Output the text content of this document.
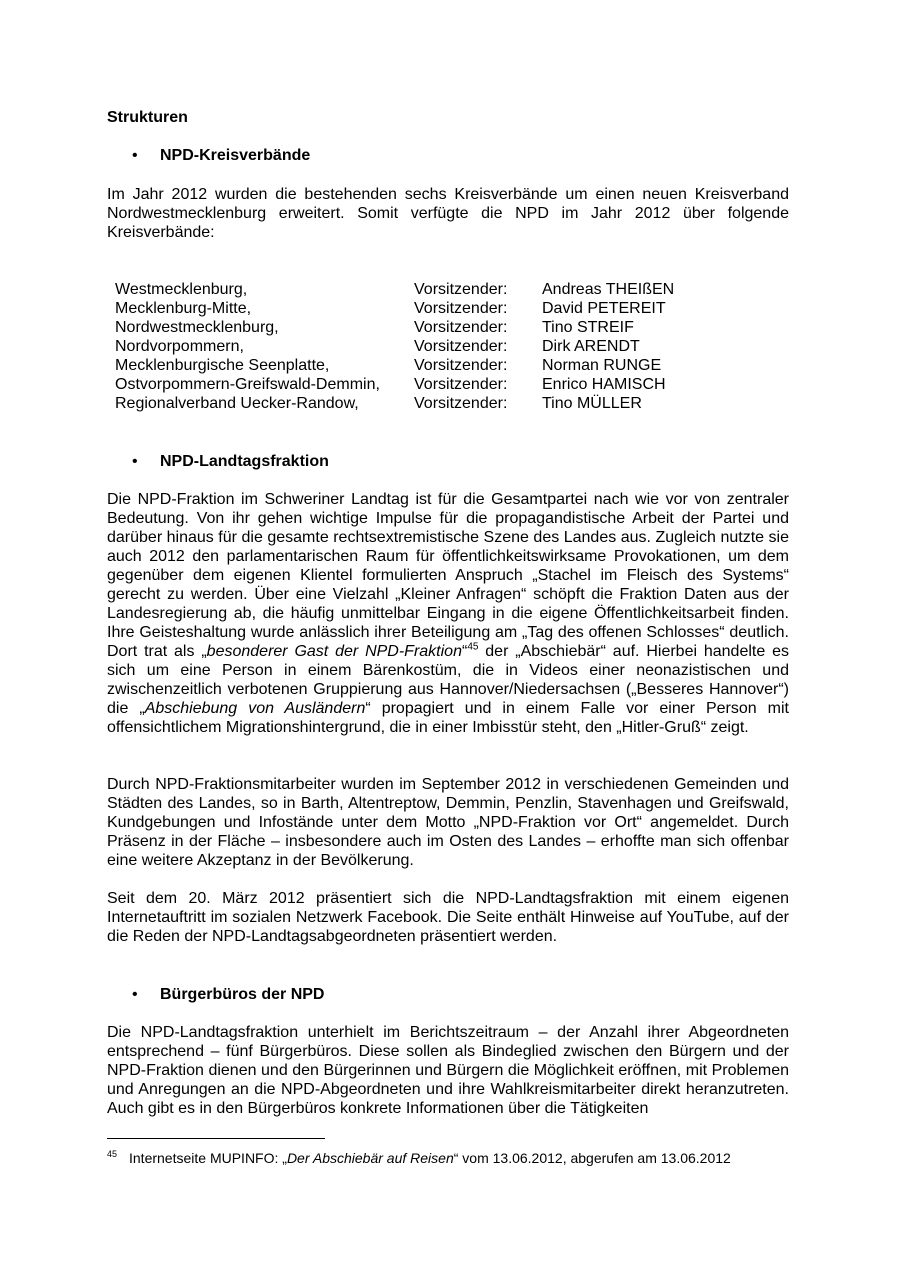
Strukturen
• NPD-Kreisverbände

Im Jahr 2012 wurden die bestehenden sechs Kreisverbände um einen neuen Kreisverband Nordwestmecklenburg erweitert. Somit verfügte die NPD im Jahr 2012 über folgende Kreisverbände:

Westmecklenburg,	Vorsitzender: Andreas THEIßEN
Mecklenburg-Mitte,	Vorsitzender: David PETEREIT
Nordwestmecklenburg,	Vorsitzender: Tino STREIF
Nordvorpommern,	Vorsitzender: Dirk ARENDT
Mecklenburgische Seenplatte,	Vorsitzender: Norman RUNGE
Ostvorpommern-Greifswald-Demmin, Vorsitzender: Enrico HAMISCH
Regionalverband Uecker-Randow,	Vorsitzender: Tino MÜLLER
• NPD-Landtagsfraktion

Die NPD-Fraktion im Schweriner Landtag ist für die Gesamtpartei nach wie vor von zentraler Bedeutung. Von ihr gehen wichtige Impulse für die propagandistische Arbeit der Partei und darüber hinaus für die gesamte rechtsextremistische Szene des Landes aus. Zugleich nutzte sie auch 2012 den parlamentarischen Raum für öffentlichkeitswirksame Provokationen, um dem gegenüber dem eigenen Klientel formulierten Anspruch „Stachel im Fleisch des Systems“ gerecht zu werden. Über eine Vielzahl „Kleiner Anfragen“ schöpft die Fraktion Daten aus der Landesregierung ab, die häufig unmittelbar Eingang in die eigene Öffentlichkeitsarbeit finden. Ihre Geisteshaltung wurde anlässlich ihrer Beteiligung am „Tag des offenen Schlosses“ deutlich. Dort trat als „besonderer Gast der NPD-Fraktion“$^{45}$ der „Abschiebär“ auf. Hierbei handelte es sich um eine Person in einem Bärenkostüm, die in Videos einer neonazistischen und zwischenzeitlich verbotenen Gruppierung aus Hannover/Niedersachsen („Besseres Hannover“) die „Abschiebung von Ausländern“ propagiert und in einem Falle vor einer Person mit offensichtlichem Migrationshintergrund, die in einer Imbisstür steht, den „Hitler-Gruß“ zeigt.

Durch NPD-Fraktionsmitarbeiter wurden im September 2012 in verschiedenen Gemeinden und Städten des Landes, so in Barth, Altentreptow, Demmin, Penzlin, Stavenhagen und Greifswald, Kundgebungen und Infostände unter dem Motto „NPD-Fraktion vor Ort“ angemeldet. Durch Präsenz in der Fläche – insbesondere auch im Osten des Landes – erhoffte man sich offenbar eine weitere Akzeptanz in der Bevölkerung.

Seit dem 20. März 2012 präsentiert sich die NPD-Landtagsfraktion mit einem eigenen Internetauftritt im sozialen Netzwerk Facebook. Die Seite enthält Hinweise auf YouTube, auf der die Reden der NPD-Landtagsabgeordneten präsentiert werden.

• Bürgerbüros der NPD

Die NPD-Landtagsfraktion unterhielt im Berichtszeitraum – der Anzahl ihrer Abgeordneten entsprechend – fünf Bürgerbüros. Diese sollen als Bindeglied zwischen den Bürgern und der NPD-Fraktion dienen und den Bürgerinnen und Bürgern die Möglichkeit eröffnen, mit Problemen und Anregungen an die NPD-Abgeordneten und ihre Wahlkreismitarbeiter direkt heranzutreten. Auch gibt es in den Bürgerbüros konkrete Informationen über die Tätigkeiten

45 Internetseite MUPINFO: „Der Abschiebär auf Reisen“ vom 13.06.2012, abgerufen am 13.06.2012
